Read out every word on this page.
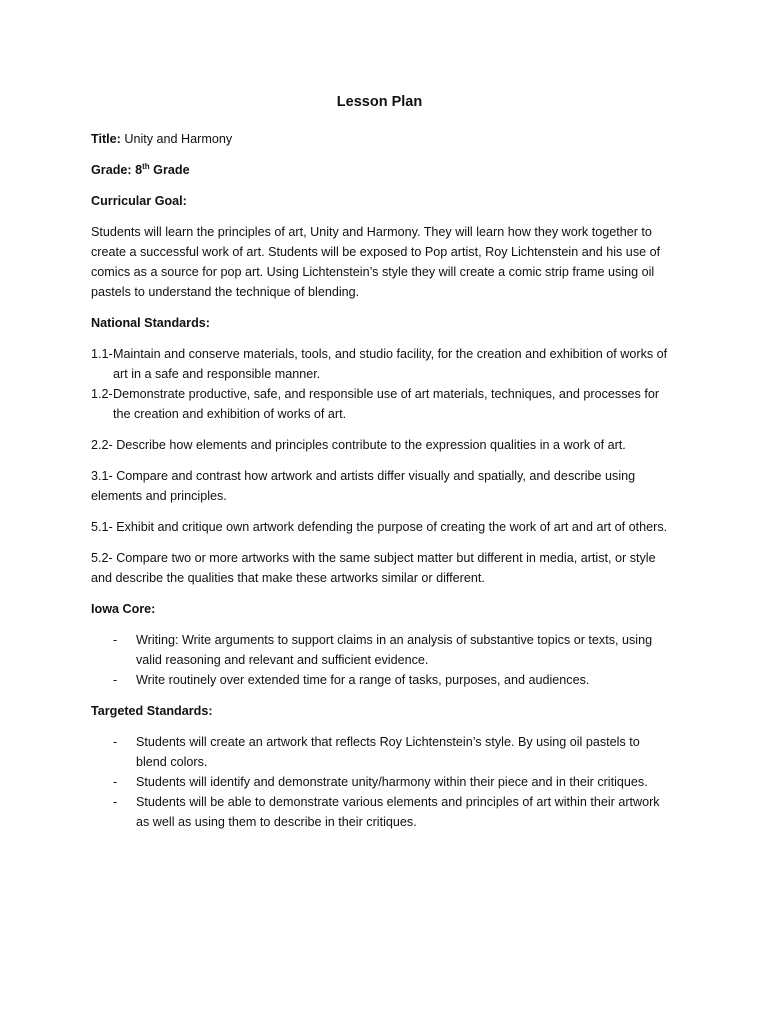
Lesson Plan
Title: Unity and Harmony
Grade: 8th Grade
Curricular Goal:
Students will learn the principles of art, Unity and Harmony. They will learn how they work together to create a successful work of art. Students will be exposed to Pop artist, Roy Lichtenstein and his use of comics as a source for pop art. Using Lichtenstein’s style they will create a comic strip frame using oil pastels to understand the technique of blending.
National Standards:
1.1- Maintain and conserve materials, tools, and studio facility, for the creation and exhibition of works of art in a safe and responsible manner.
1.2- Demonstrate productive, safe, and responsible use of art materials, techniques, and processes for the creation and exhibition of works of art.
2.2- Describe how elements and principles contribute to the expression qualities in a work of art.
3.1- Compare and contrast how artwork and artists differ visually and spatially, and describe using elements and principles.
5.1- Exhibit and critique own artwork defending the purpose of creating the work of art and art of others.
5.2- Compare two or more artworks with the same subject matter but different in media, artist, or style and describe the qualities that make these artworks similar or different.
Iowa Core:
- Writing: Write arguments to support claims in an analysis of substantive topics or texts, using valid reasoning and relevant and sufficient evidence.
- Write routinely over extended time for a range of tasks, purposes, and audiences.
Targeted Standards:
- Students will create an artwork that reflects Roy Lichtenstein’s style. By using oil pastels to blend colors.
- Students will identify and demonstrate unity/harmony within their piece and in their critiques.
- Students will be able to demonstrate various elements and principles of art within their artwork as well as using them to describe in their critiques.
